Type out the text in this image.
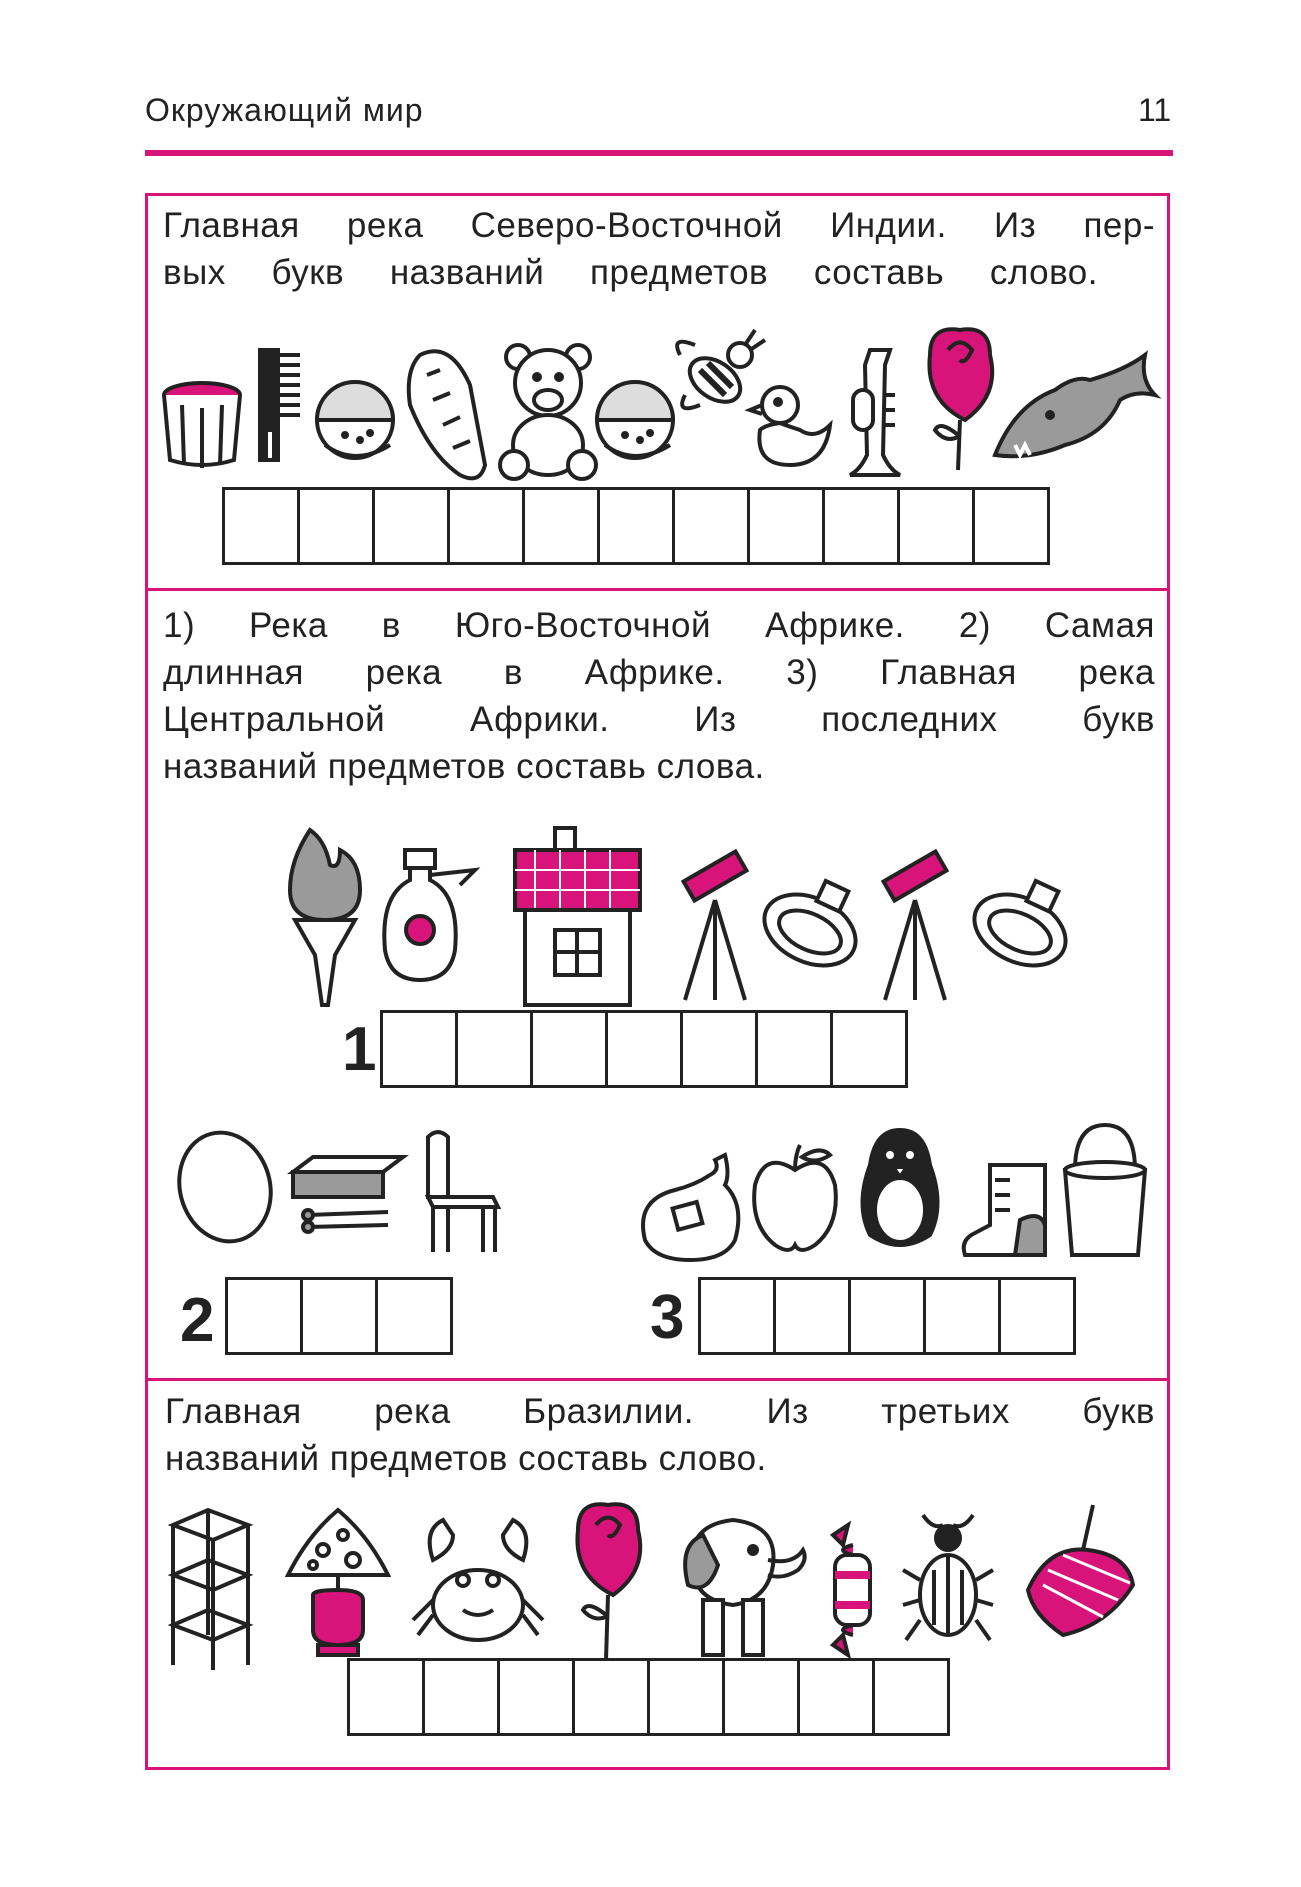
Окружающий мир	11
Главная река Северо-Восточной Индии. Из пер-
вых букв названий предметов составь слово.
1) Река в Юго-Восточной Африке. 2) Самая
длинная река в Африке. 3) Главная река
Центральной Африки. Из последних букв
названий предметов составь слова.
1
2	3
Главная река Бразилии. Из третьих букв
названий предметов составь слово.
